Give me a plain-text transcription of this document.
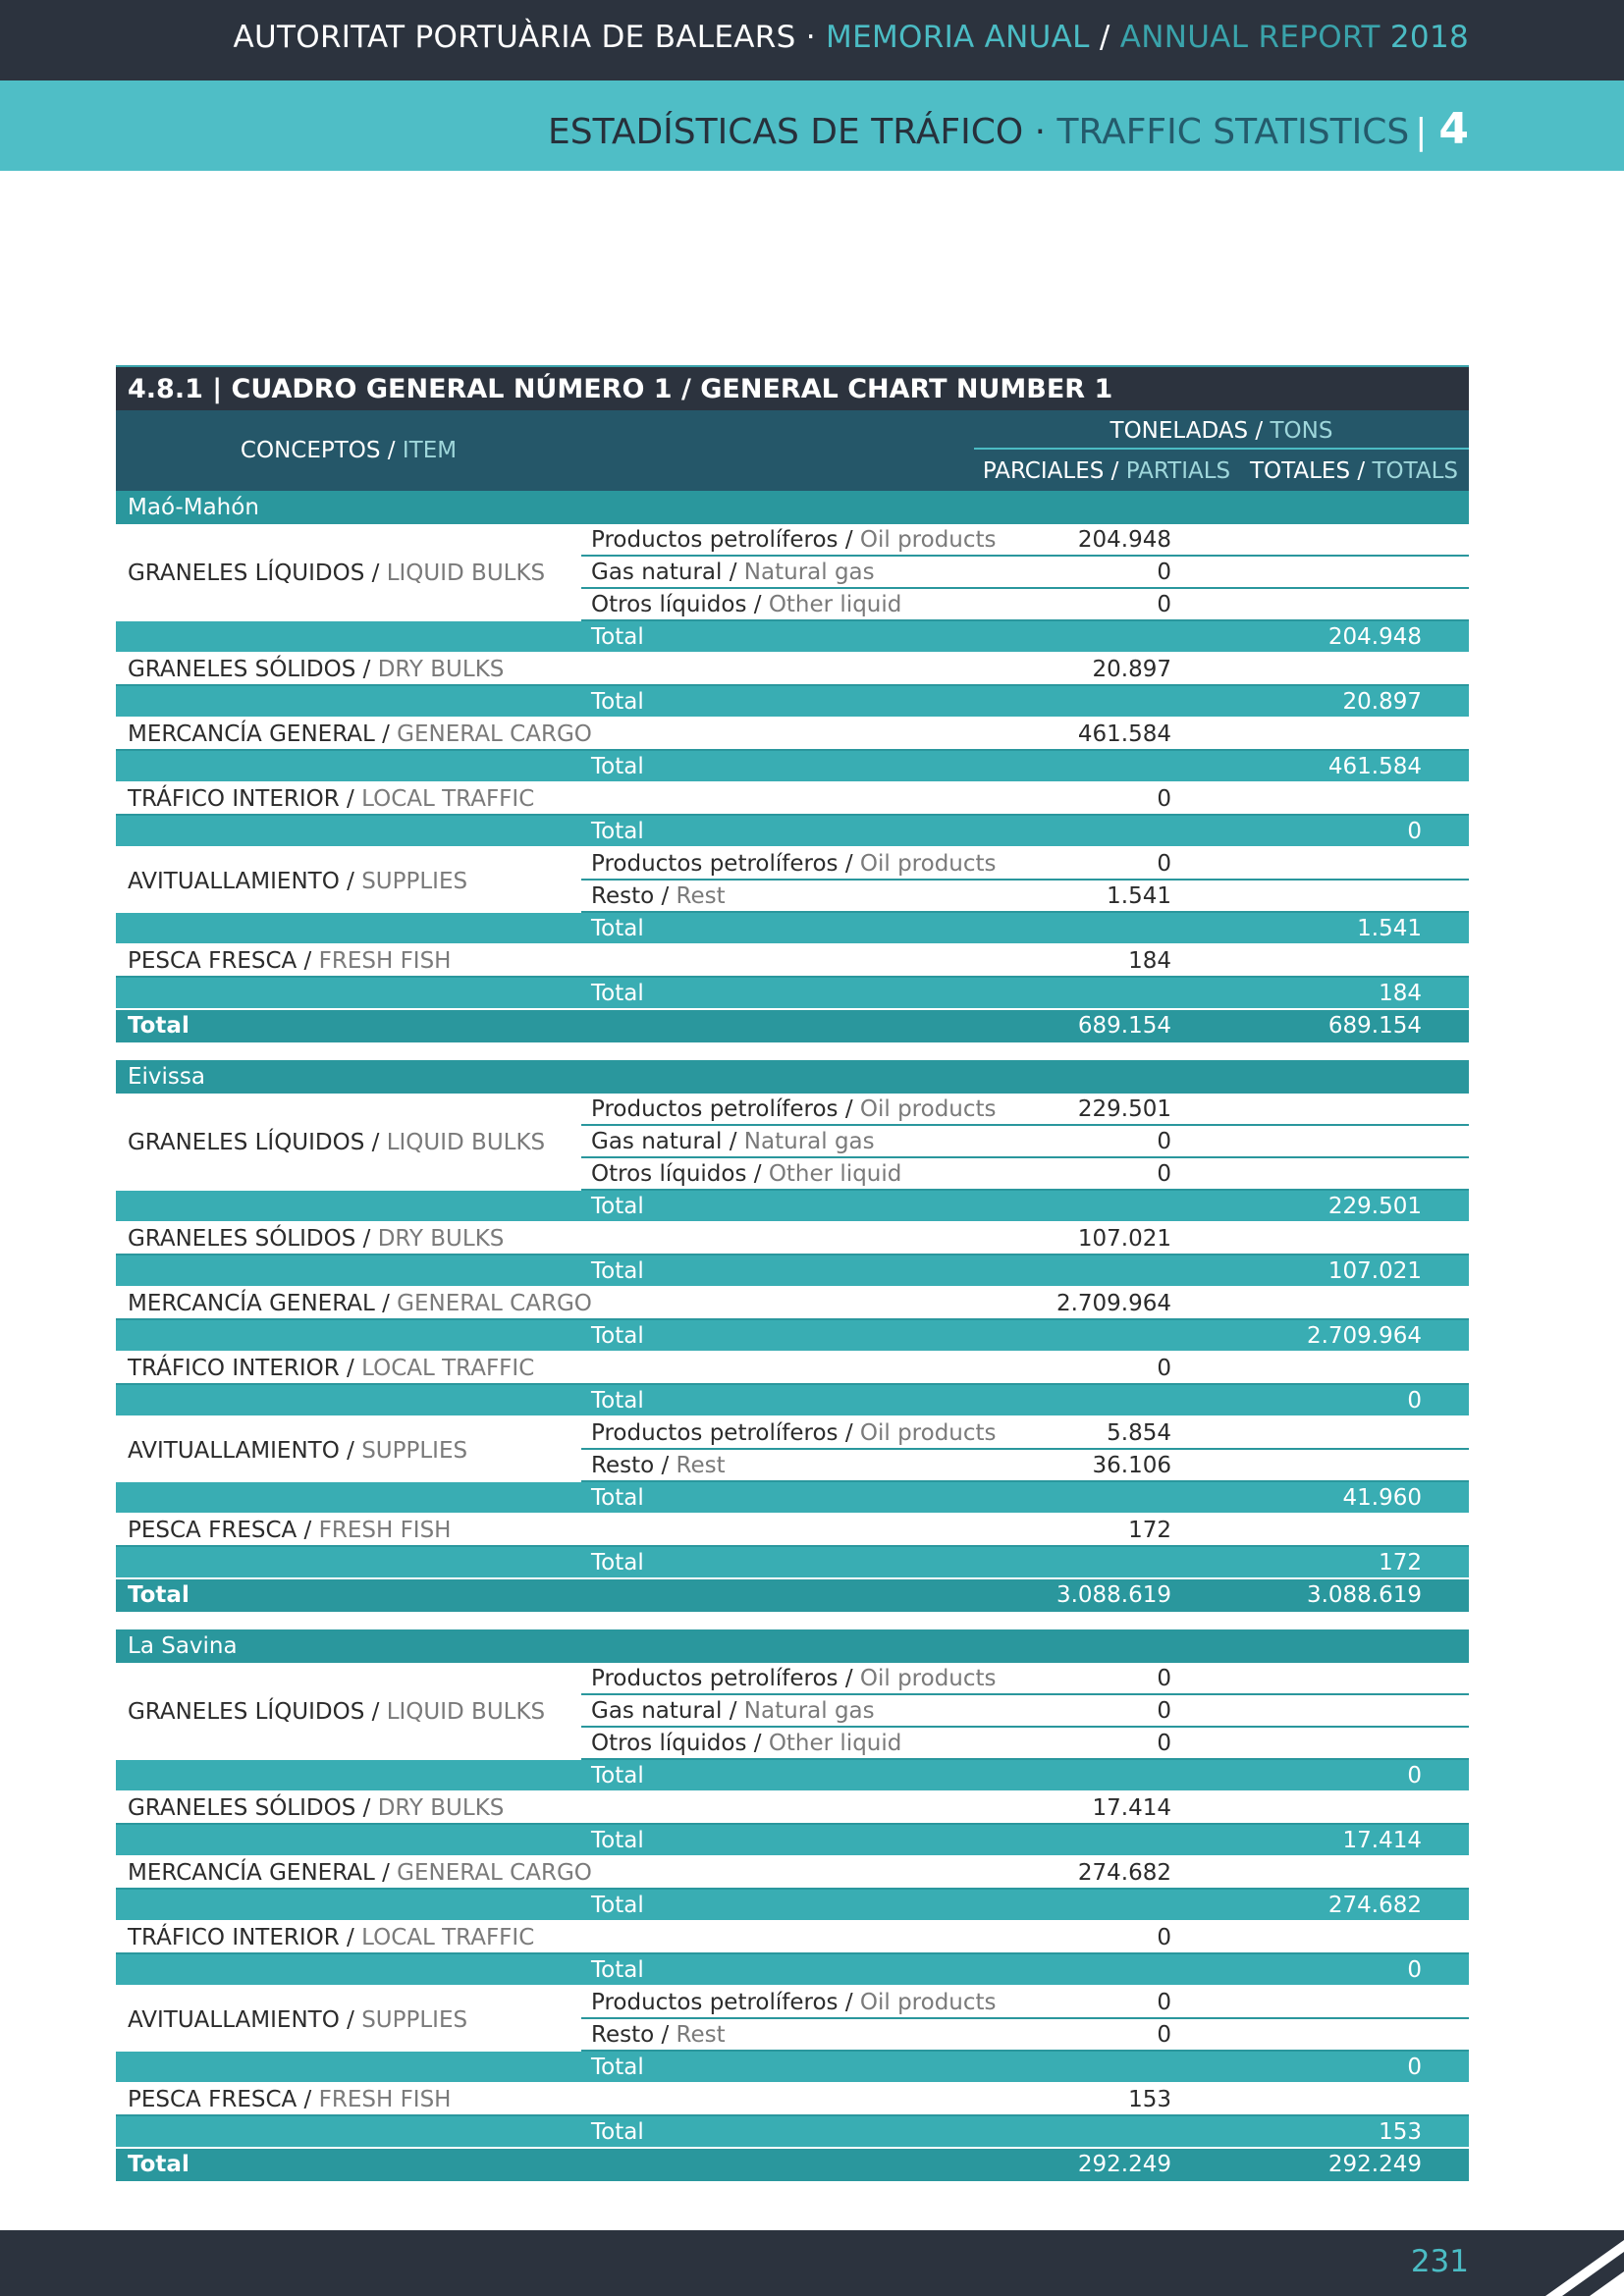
AUTORITAT PORTUÀRIA DE BALEARS · MEMORIA ANUAL / ANNUAL REPORT 2018
ESTADÍSTICAS DE TRÁFICO · TRAFFIC STATISTICS | 4
4.8.1 | CUADRO GENERAL NÚMERO 1 / GENERAL CHART NUMBER 1
CONCEPTOS / ITEM
TONELADAS / TONS
PARCIALES / PARTIALS TOTALES / TOTALS
Maó-Mahón
GRANELES LÍQUIDOS / LIQUID BULKS
Productos petrolíferos / Oil products	204.948
Gas natural / Natural gas	0
Otros líquidos / Other liquid	0
Total	204.948
GRANELES SÓLIDOS / DRY BULKS	20.897
Total	20.897
MERCANCÍA GENERAL / GENERAL CARGO	461.584
Total	461.584
TRÁFICO INTERIOR / LOCAL TRAFFIC	0
Total	0
AVITUALLAMIENTO / SUPPLIES
Productos petrolíferos / Oil products	0
Resto / Rest	1.541
Total	1.541
PESCA FRESCA / FRESH FISH	184
Total	184
Total	689.154	689.154
Eivissa
GRANELES LÍQUIDOS / LIQUID BULKS
Productos petrolíferos / Oil products	229.501
Gas natural / Natural gas	0
Otros líquidos / Other liquid	0
Total	229.501
GRANELES SÓLIDOS / DRY BULKS	107.021
Total	107.021
MERCANCÍA GENERAL / GENERAL CARGO	2.709.964
Total	2.709.964
TRÁFICO INTERIOR / LOCAL TRAFFIC	0
Total	0
AVITUALLAMIENTO / SUPPLIES
Productos petrolíferos / Oil products	5.854
Resto / Rest	36.106
Total	41.960
PESCA FRESCA / FRESH FISH	172
Total	172
Total	3.088.619	3.088.619
La Savina
GRANELES LÍQUIDOS / LIQUID BULKS
Productos petrolíferos / Oil products	0
Gas natural / Natural gas	0
Otros líquidos / Other liquid	0
Total	0
GRANELES SÓLIDOS / DRY BULKS	17.414
Total	17.414
MERCANCÍA GENERAL / GENERAL CARGO	274.682
Total	274.682
TRÁFICO INTERIOR / LOCAL TRAFFIC	0
Total	0
AVITUALLAMIENTO / SUPPLIES
Productos petrolíferos / Oil products	0
Resto / Rest	0
Total	0
PESCA FRESCA / FRESH FISH	153
Total	153
Total	292.249	292.249
231
